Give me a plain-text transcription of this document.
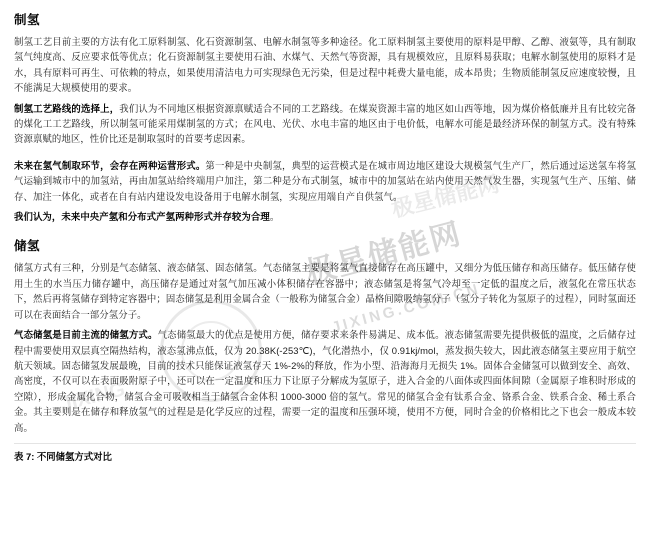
极星储能网
极星储能网
JIXING.COM.CN
JIXING
制氢

制氢工艺目前主要的方法有化工原料制氢、化石资源制氢、电解水制氢等多种途径。化工原料制氢主要使用的原料是甲醇、乙醇、液氨等，具有制取氢气纯度高、反应要求低等优点；化石资源制氢主要使用石油、水煤气、天然气等资源，具有规模效应，且原料易获取；电解水制氢使用的原料才是水，具有原料可再生、可依赖的特点，如果使用清洁电力可实现绿色无污染，但是过程中耗费大量电能，成本昂贵；生物质能制氢反应速度较慢，且不能满足大规模使用的要求。

制氢工艺路线的选择上，我们认为不同地区根据资源禀赋适合不同的工艺路线。在煤炭资源丰富的地区如山西等地，因为煤价格低廉并且有比较完备的煤化工工艺路线，所以制氢可能采用煤制氢的方式；在风电、光伏、水电丰富的地区由于电价低，电解水可能是最经济环保的制氢方式。没有特殊资源禀赋的地区，性价比还是制取氢时的首要考虑因素。

未来在氢气制取环节，会存在两种运营形式。第一种是中央制氢，典型的运营模式是在城市周边地区建设大规模氢气生产厂，然后通过运送氢车将氢气运输到城市中的加氢站，再由加氢站给终端用户加注，第二种是分布式制氢，城市中的加氢站在站内使用天然气发生器，实现氢气生产、压缩、储存、加注一体化，或者在自有站内建设发电设备用于电解水制氢，实现应用端自产自供氢气。

我们认为，未来中央产氢和分布式产氢两种形式并存较为合理。

储氢

储氢方式有三种，分别是气态储氢、液态储氢、固态储氢。气态储氢主要是将氢气直接储存在高压罐中，又细分为低压储存和高压储存。低压储存使用土生的水当压力储存罐中，高压储存是通过对氢气加压减小体积储存在容器中；液态储氢是将氢气冷却至一定低的温度之后，液氢化在常压状态下，然后再将氢储存到特定容器中；固态储氢是利用金属合金（一般称为储氢合金）晶格间隙吸纳氢分子（氢分子转化为氢原子的过程），同时氢面还可以在表面结合一部分氢分子。

气态储氢是目前主流的储氢方式。气态储氢最大的优点是使用方便，储存要求来条件易满足、成本低。液态储氢需要先提供极低的温度，之后储存过程中需要使用双层真空隔热结构，液态氢沸点低，仅为 20.38K(-253℃)，气化潜热小，仅 0.91kj/mol，蒸发损失较大，因此液态储氢主要应用于航空航天领域。固态储氢发展最晚，目前的技术只能保证液氢存天 1%-2%的释放，作为小型、沿海海月无损失 1%。固体合金储氢可以做到安全、高效、高密度，不仅可以在表面吸附原子中，还可以在一定温度和压力下让原子分解成为氢原子，进入合金的八面体或四面体间隙（金属原子堆积时形成的空隙），形成金属化合物，储氢合金可吸收相当于储氢合金体积 1000-3000 倍的氢气。常见的储氢合金有钛系合金、铬系合金、铁系合金、稀土系合金。其主要则是在储存和释放氢气的过程是是化学反应的过程，需要一定的温度和压强环境，使用不方便，同时合金的价格相比之下也会一般成本较高。

表 7: 不同储氢方式对比
